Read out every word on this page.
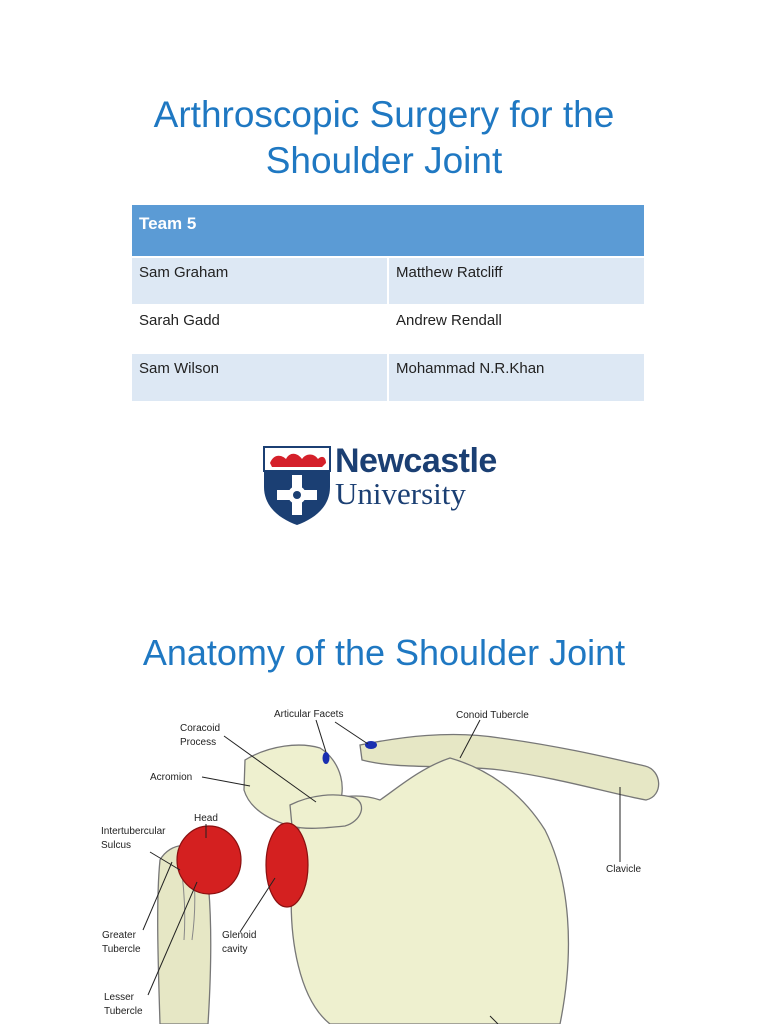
Arthroscopic Surgery for the
Shoulder Joint
Team 5	
Sam Graham	Matthew Ratcliff
Sarah Gadd	Andrew Rendall
Sam Wilson	Mohammad N.R.Khan
Newcastle
University
Anatomy of the Shoulder Joint
Articular Facets	Conoid Tubercle
Coracoid
Process
Acromion
Head
Intertubercular
Sulcus
Clavicle
Greater
Tubercle
Glenoid
cavity
Lesser
Tubercle
